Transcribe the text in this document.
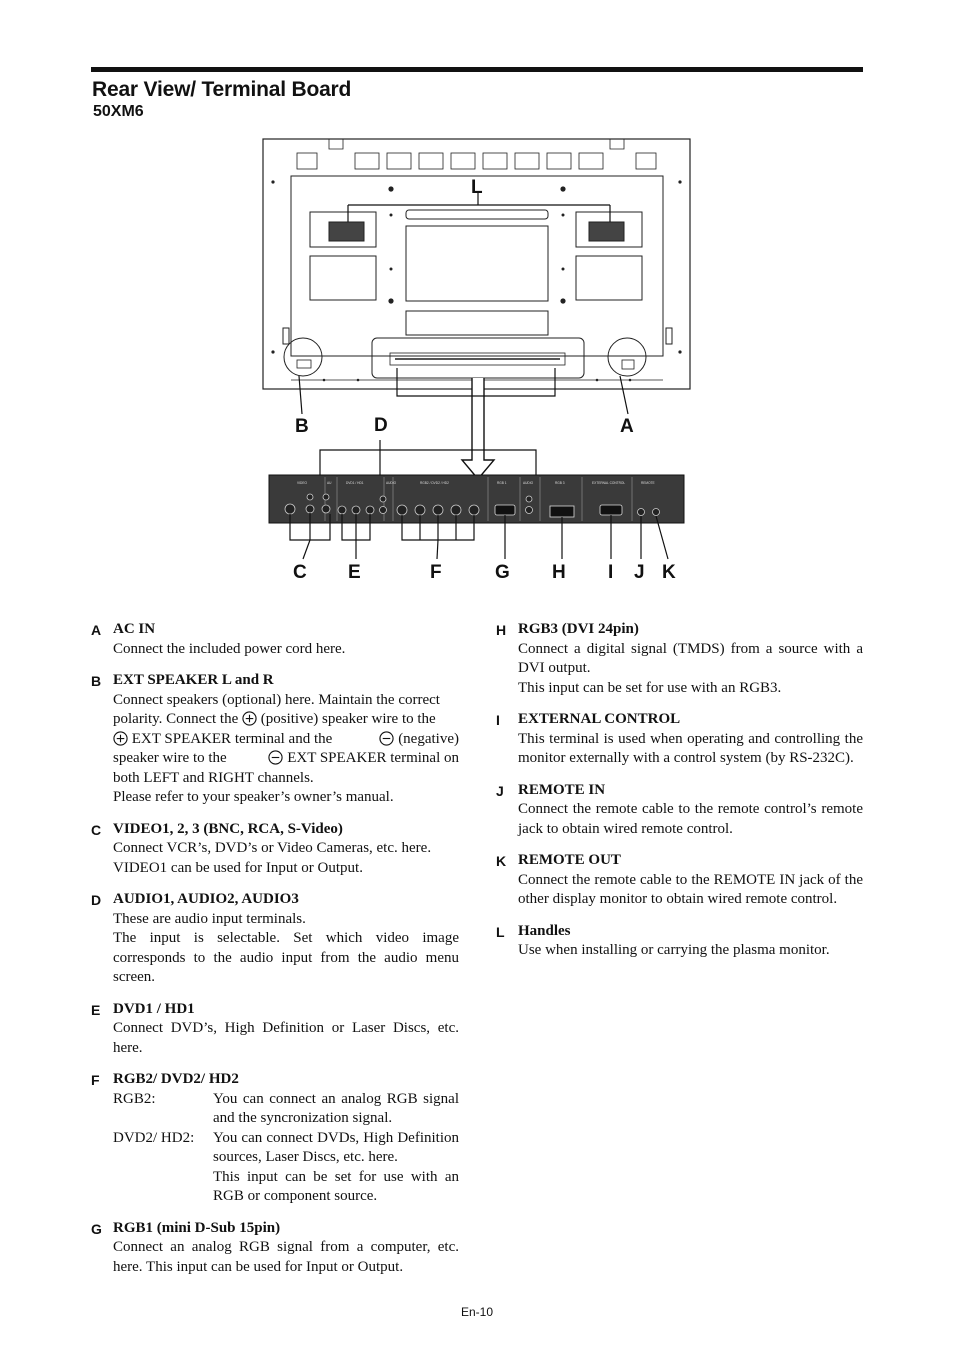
Rear View/ Terminal Board
50XM6
L
B	A
D
VIDEO	AU	DVD1 / HD1	AUDIO	RGB2 / DVD2 / HD2	RGB 1	AUDIO	RGB 3	EXTERNAL CONTROL	REMOTE
C E	F	G H I J K
A AC IN

Connect the included power cord here.

B EXT SPEAKER L and R

Connect speakers (optional) here. Maintain the correct

polarity. Connect the (positive) speaker wire to the

EXT SPEAKER terminal and the	(negative)

speaker wire to the	EXT SPEAKER terminal on

both LEFT and RIGHT channels.

Please refer to your speaker’s owner’s manual.

C VIDEO1, 2, 3 (BNC, RCA, S-Video)

Connect VCR’s, DVD’s or Video Cameras, etc. here.

VIDEO1 can be used for Input or Output.

D AUDIO1, AUDIO2, AUDIO3

These are audio input terminals.

The input is selectable. Set which video image corresponds to the audio input from the audio menu screen.

E DVD1 / HD1

Connect DVD’s, High Definition or Laser Discs, etc. here.

F RGB2/ DVD2/ HD2
RGB2:	You can connect an analog RGB signal and the syncronization signal.

DVD2/ HD2:	You can connect DVDs, High Definition sources, Laser Discs, etc. here.

This input can be set for use with an RGB or component source.

G RGB1 (mini D-Sub 15pin)

Connect an analog RGB signal from a computer, etc. here. This input can be used for Input or Output.

H RGB3 (DVI 24pin)

Connect a digital signal (TMDS) from a source with a DVI output.

This input can be set for use with an RGB3.

I EXTERNAL CONTROL

This terminal is used when operating and controlling the monitor externally with a control system (by RS-232C).

J REMOTE IN

Connect the remote cable to the remote control’s remote jack to obtain wired remote control.

K REMOTE OUT

Connect the remote cable to the REMOTE IN jack of the other display monitor to obtain wired remote control.

L Handles

Use when installing or carrying the plasma monitor.

En-10
